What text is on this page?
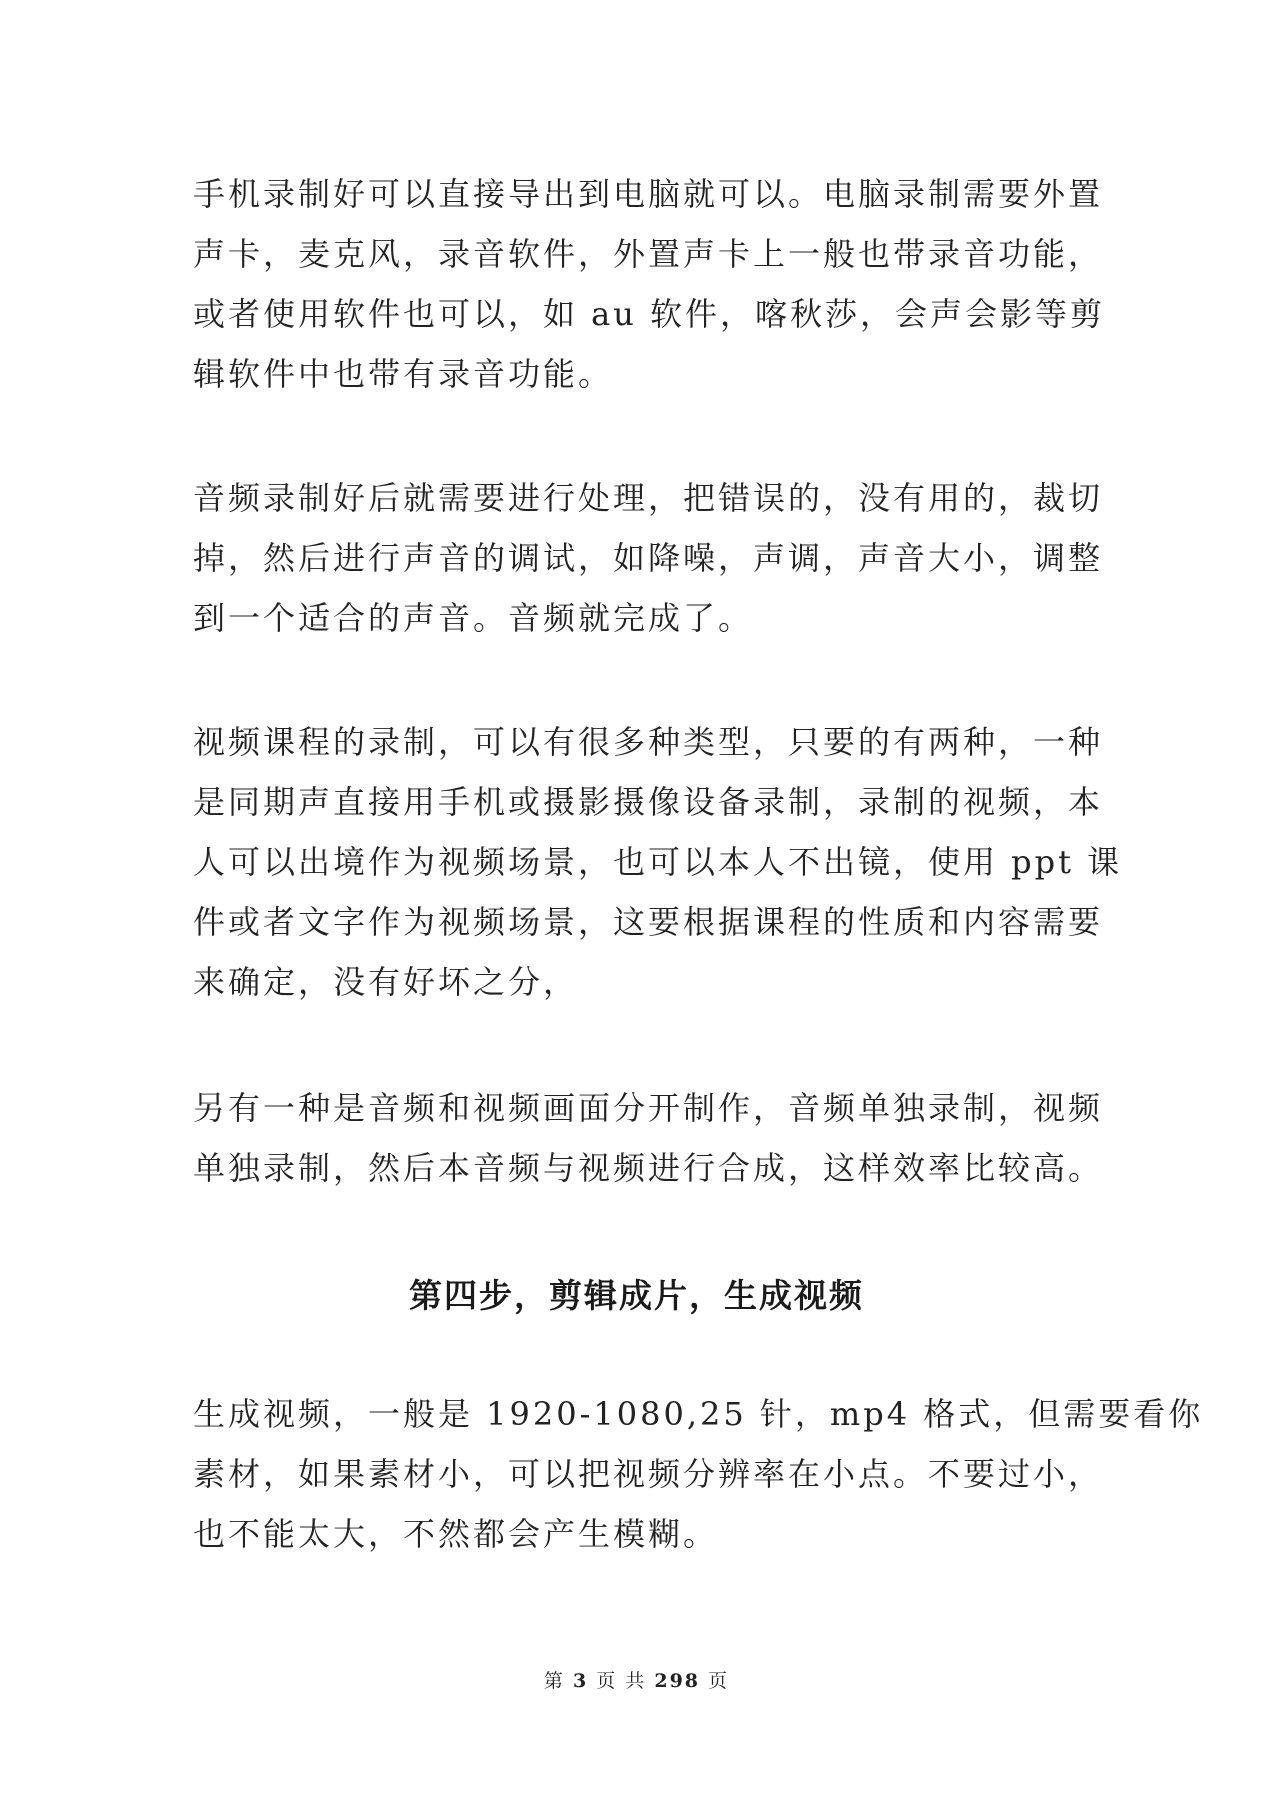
手机录制好可以直接导出到电脑就可以。电脑录制需要外置
声卡，麦克风，录音软件，外置声卡上一般也带录音功能，
或者使用软件也可以，如 au 软件，喀秋莎，会声会影等剪
辑软件中也带有录音功能。

音频录制好后就需要进行处理，把错误的，没有用的，裁切
掉，然后进行声音的调试，如降噪，声调，声音大小，调整
到一个适合的声音。音频就完成了。

视频课程的录制，可以有很多种类型，只要的有两种，一种
是同期声直接用手机或摄影摄像设备录制，录制的视频，本
人可以出境作为视频场景，也可以本人不出镜，使用 ppt 课
件或者文字作为视频场景，这要根据课程的性质和内容需要
来确定，没有好坏之分，

另有一种是音频和视频画面分开制作，音频单独录制，视频
单独录制，然后本音频与视频进行合成，这样效率比较高。

第四步，剪辑成片，生成视频

生成视频，一般是 1920-1080,25 针，mp4 格式，但需要看你
素材，如果素材小，可以把视频分辨率在小点。不要过小，
也不能太大，不然都会产生模糊。

第 3 页 共 298 页
